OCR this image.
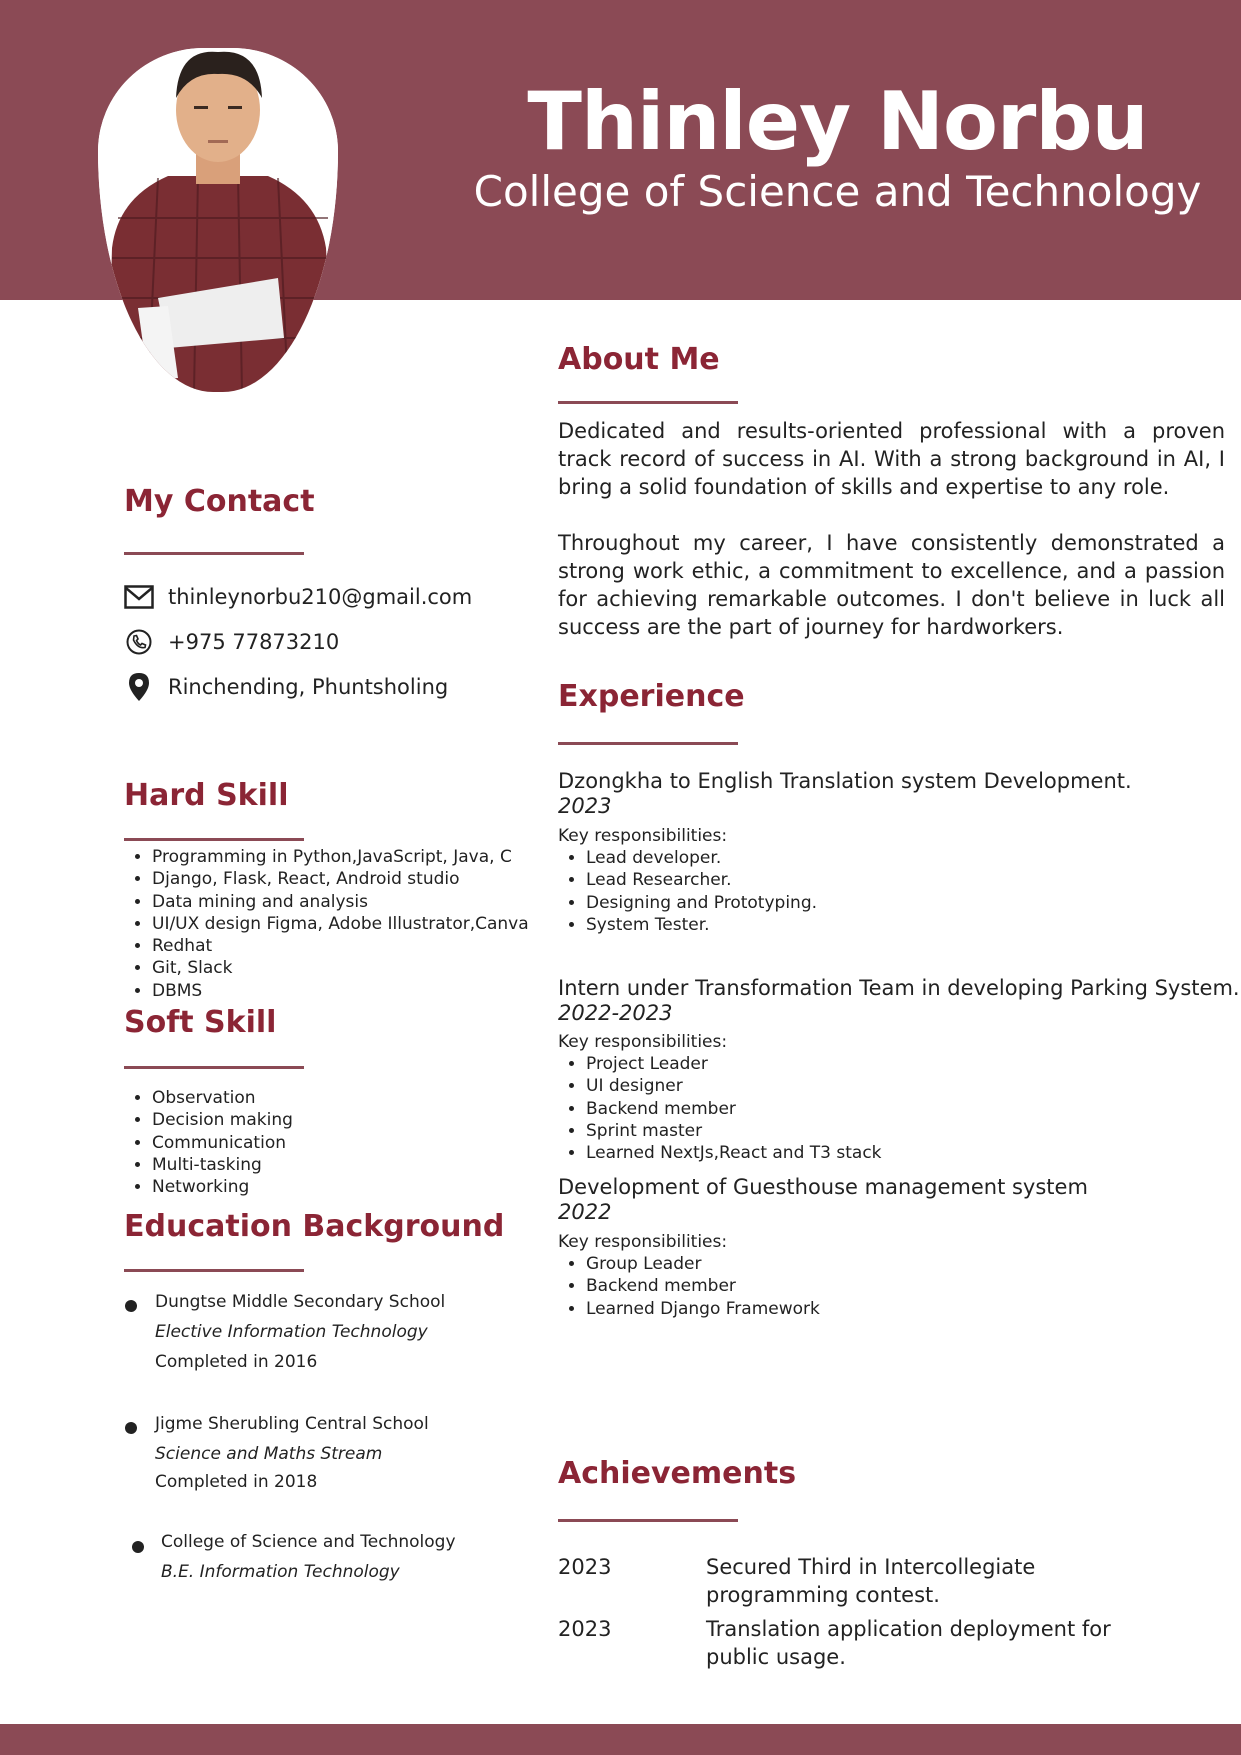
Thinley Norbu
College of Science and Technology
My Contact
thinleynorbu210@gmail.com
+975 77873210
Rinchending, Phuntsholing
Hard Skill
• Programming in Python,JavaScript, Java, C
• Django, Flask, React, Android studio
• Data mining and analysis
• UI/UX design Figma, Adobe Illustrator,Canva
• Redhat
• Git, Slack
• DBMS
Soft Skill
• Observation
• Decision making
• Communication
• Multi-tasking
• Networking
Education Background
Dungtse Middle Secondary School
Elective Information Technology
Completed in 2016
Jigme Sherubling Central School
Science and Maths Stream
Completed in 2018
College of Science and Technology
B.E. Information Technology
About Me
Dedicated and results-oriented professional with a proven track record of success in AI. With a strong background in AI, I bring a solid foundation of skills and expertise to any role.
Throughout my career, I have consistently demonstrated a strong work ethic, a commitment to excellence, and a passion for achieving remarkable outcomes. I don't believe in luck all success are the part of journey for hardworkers.
Experience
Dzongkha to English Translation system Development.
2023
Key responsibilities:
• Lead developer.
• Lead Researcher.
• Designing and Prototyping.
• System Tester.
Intern under Transformation Team in developing Parking System.
2022-2023
Key responsibilities:
• Project Leader
• UI designer
• Backend member
• Sprint master
• Learned NextJs,React and T3 stack
Development of Guesthouse management system
2022
Key responsibilities:
• Group Leader
• Backend member
• Learned Django Framework
Achievements
2023	Secured Third in Intercollegiate programming contest.
2023	Translation application deployment for public usage.
